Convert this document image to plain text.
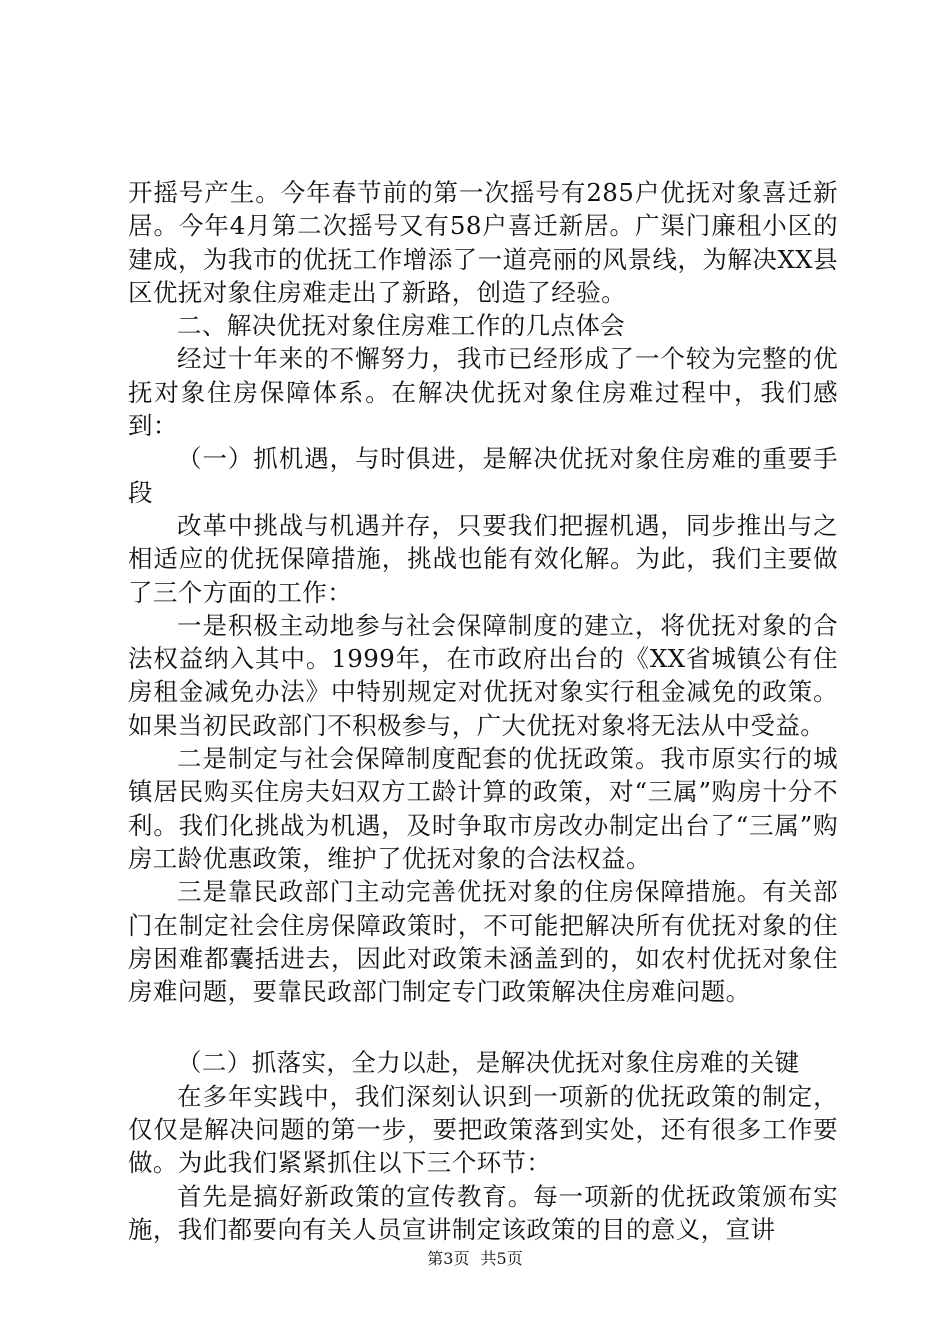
开摇号产生。今年春节前的第一次摇号有285户优抚对象喜迁新居。今年4月第二次摇号又有58户喜迁新居。广渠门廉租小区的建成，为我市的优抚工作增添了一道亮丽的风景线，为解决XX县区优抚对象住房难走出了新路，创造了经验。

二、解决优抚对象住房难工作的几点体会

经过十年来的不懈努力，我市已经形成了一个较为完整的优抚对象住房保障体系。在解决优抚对象住房难过程中，我们感到：

（一）抓机遇，与时俱进，是解决优抚对象住房难的重要手段

改革中挑战与机遇并存，只要我们把握机遇，同步推出与之相适应的优抚保障措施，挑战也能有效化解。为此，我们主要做了三个方面的工作：

一是积极主动地参与社会保障制度的建立，将优抚对象的合法权益纳入其中。1999年，在市政府出台的《XX省城镇公有住房租金减免办法》中特别规定对优抚对象实行租金减免的政策。如果当初民政部门不积极参与，广大优抚对象将无法从中受益。

二是制定与社会保障制度配套的优抚政策。我市原实行的城镇居民购买住房夫妇双方工龄计算的政策，对“三属”购房十分不利。我们化挑战为机遇，及时争取市房改办制定出台了“三属”购房工龄优惠政策，维护了优抚对象的合法权益。

三是靠民政部门主动完善优抚对象的住房保障措施。有关部门在制定社会住房保障政策时，不可能把解决所有优抚对象的住房困难都囊括进去，因此对政策未涵盖到的，如农村优抚对象住房难问题，要靠民政部门制定专门政策解决住房难问题。

（二）抓落实，全力以赴，是解决优抚对象住房难的关键

在多年实践中，我们深刻认识到一项新的优抚政策的制定，仅仅是解决问题的第一步，要把政策落到实处，还有很多工作要做。为此我们紧紧抓住以下三个环节：

首先是搞好新政策的宣传教育。每一项新的优抚政策颁布实施，我们都要向有关人员宣讲制定该政策的目的意义，宣讲

第3页 共5页
